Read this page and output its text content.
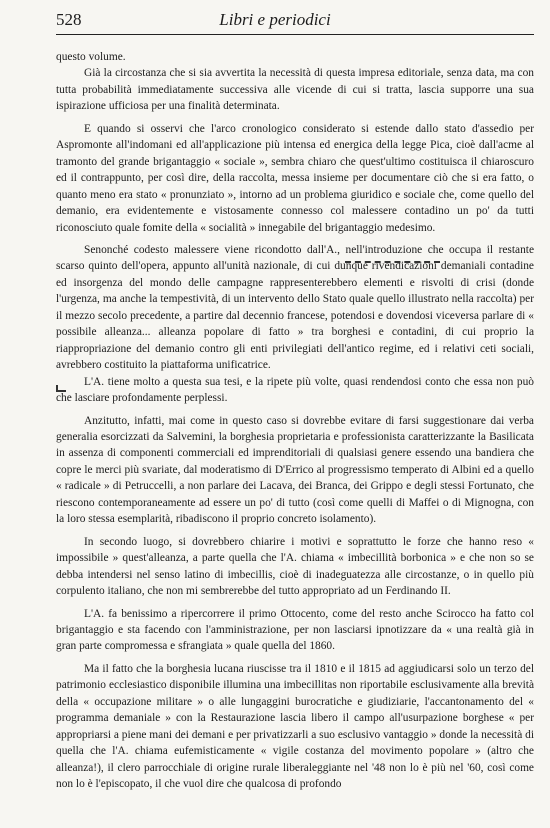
528	Libri e periodici

questo volume.

Già la circostanza che si sia avvertita la necessità di questa impresa editoriale, senza data, ma con tutta probabilità immediatamente successiva alle vicende di cui si tratta, lascia supporre una sua ispirazione ufficiosa per una finalità determinata.

E quando si osservi che l'arco cronologico considerato si estende dallo stato d'assedio per Aspromonte all'indomani ed all'applicazione più intensa ed energica della legge Pica, cioè dall'acme al tramonto del grande brigantaggio « sociale », sembra chiaro che quest'ultimo costituisca il chiaroscuro ed il contrappunto, per così dire, della raccolta, messa insieme per documentare ciò che si era fatto, o quanto meno era stato « pronunziato », intorno ad un problema giuridico e sociale che, come quello del demanio, era evidentemente e vistosamente connesso col malessere contadino un po' da tutti riconosciuto quale fomite della « socialità » innegabile del brigantaggio medesimo.

Senonché codesto malessere viene ricondotto dall'A., nell'introduzione che occupa il restante scarso quinto dell'opera, appunto all'unità nazionale, di cui dunque rivendicazioni demaniali contadine ed insorgenza del mondo delle campagne rappresenterebbero elementi e risvolti di crisi (donde l'urgenza, ma anche la tempestività, di un intervento dello Stato quale quello illustrato nella raccolta) per il mezzo secolo precedente, a partire dal decennio francese, potendosi e dovendosi viceversa parlare di « possibile alleanza... alleanza popolare di fatto » tra borghesi e contadini, di cui proprio la riappropriazione del demanio contro gli enti privilegiati dell'antico regime, ed i relativi ceti sociali, avrebbero costituito la piattaforma unificatrice.

L'A. tiene molto a questa sua tesi, e la ripete più volte, quasi rendendosi conto che essa non può che lasciare profondamente perplessi.

Anzitutto, infatti, mai come in questo caso si dovrebbe evitare di farsi suggestionare dai verba generalia esorcizzati da Salvemini, la borghesia proprietaria e professionista caratterizzante la Basilicata in assenza di componenti commerciali ed imprenditoriali di qualsiasi genere essendo una bandiera che copre le merci più svariate, dal moderatismo di D'Errico al progressismo temperato di Albini ed a quello « radicale » di Petruccelli, a non parlare dei Lacava, dei Branca, dei Grippo e degli stessi Fortunato, che riescono contemporaneamente ad essere un po' di tutto (così come quelli di Maffei o di Mignogna, con la loro stessa esemplarità, ribadiscono il proprio concreto isolamento).

In secondo luogo, si dovrebbero chiarire i motivi e soprattutto le forze che hanno reso « impossibile » quest'alleanza, a parte quella che l'A. chiama « imbecillità borbonica » e che non so se debba intendersi nel senso latino di imbecillis, cioè di inadeguatezza alle circostanze, o in quello più corpulento italiano, che non mi sembrerebbe del tutto appropriato ad un Ferdinando II.

L'A. fa benissimo a ripercorrere il primo Ottocento, come del resto anche Scirocco ha fatto col brigantaggio e sta facendo con l'amministrazione, per non lasciarsi ipnotizzare da « una realtà già in gran parte compromessa e sfrangiata » quale quella del 1860.

Ma il fatto che la borghesia lucana riuscisse tra il 1810 e il 1815 ad aggiudicarsi solo un terzo del patrimonio ecclesiastico disponibile illumina una imbecillitas non riportabile esclusivamente alla brevità della « occupazione militare » o alle lungaggini burocratiche e giudiziarie, l'accantonamento del « programma demaniale » con la Restaurazione lascia libero il campo all'usurpazione borghese « per appropriarsi a piene mani dei demani e per privatizzarli a suo esclusivo vantaggio » donde la necessità di quella che l'A. chiama eufemisticamente « vigile costanza del movimento popolare » (altro che alleanza!), il clero parrocchiale di origine rurale liberaleggiante nel '48 non lo è più nel '60, così come non lo è l'episcopato, il che vuol dire che qualcosa di profondo
